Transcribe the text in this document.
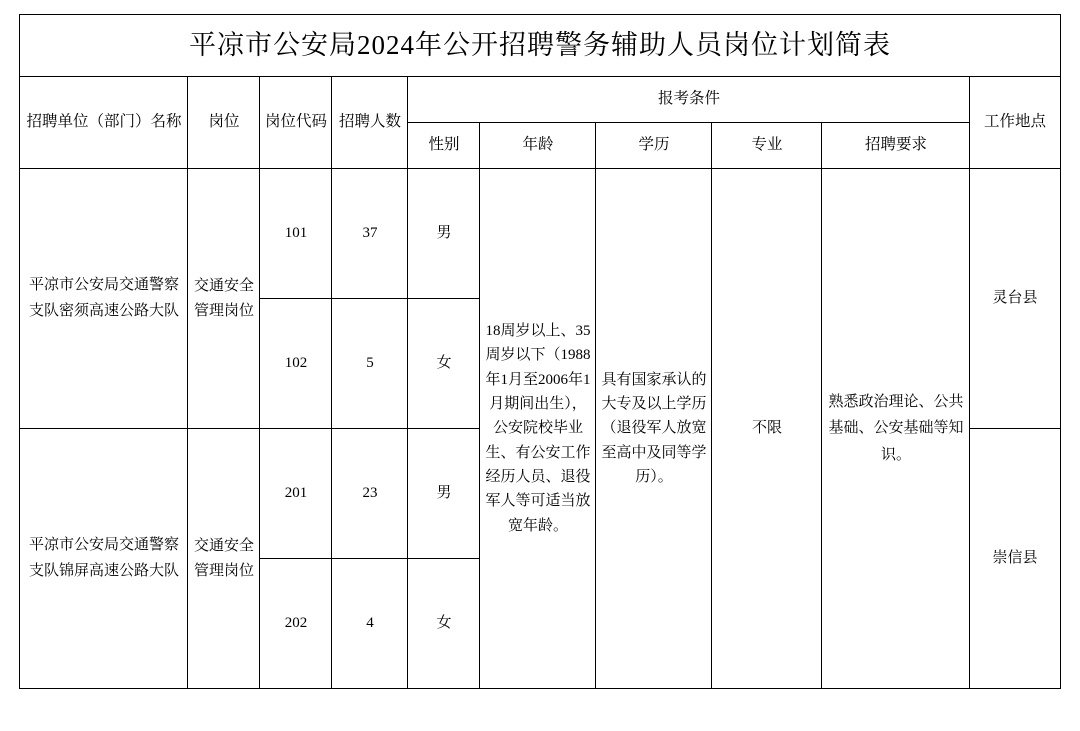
平凉市公安局2024年公开招聘警务辅助人员岗位计划简表									
招聘单位（部门）名称	岗位	岗位代码	招聘人数	报考条件					工作地点
				性别	年龄	学历	专业	招聘要求	
平凉市公安局交通警察支队密须高速公路大队	交通安全管理岗位	101	37	男	18周岁以上、35周岁以下（1988年1月至2006年1月期间出生），公安院校毕业生、有公安工作经历人员、退役军人等可适当放宽年龄。	具有国家承认的大专及以上学历（退役军人放宽至高中及同等学历）。	不限	熟悉政治理论、公共基础、公安基础等知识。	灵台县
		102	5	女					
平凉市公安局交通警察支队锦屏高速公路大队	交通安全管理岗位	201	23	男					崇信县
		202	4	女					
